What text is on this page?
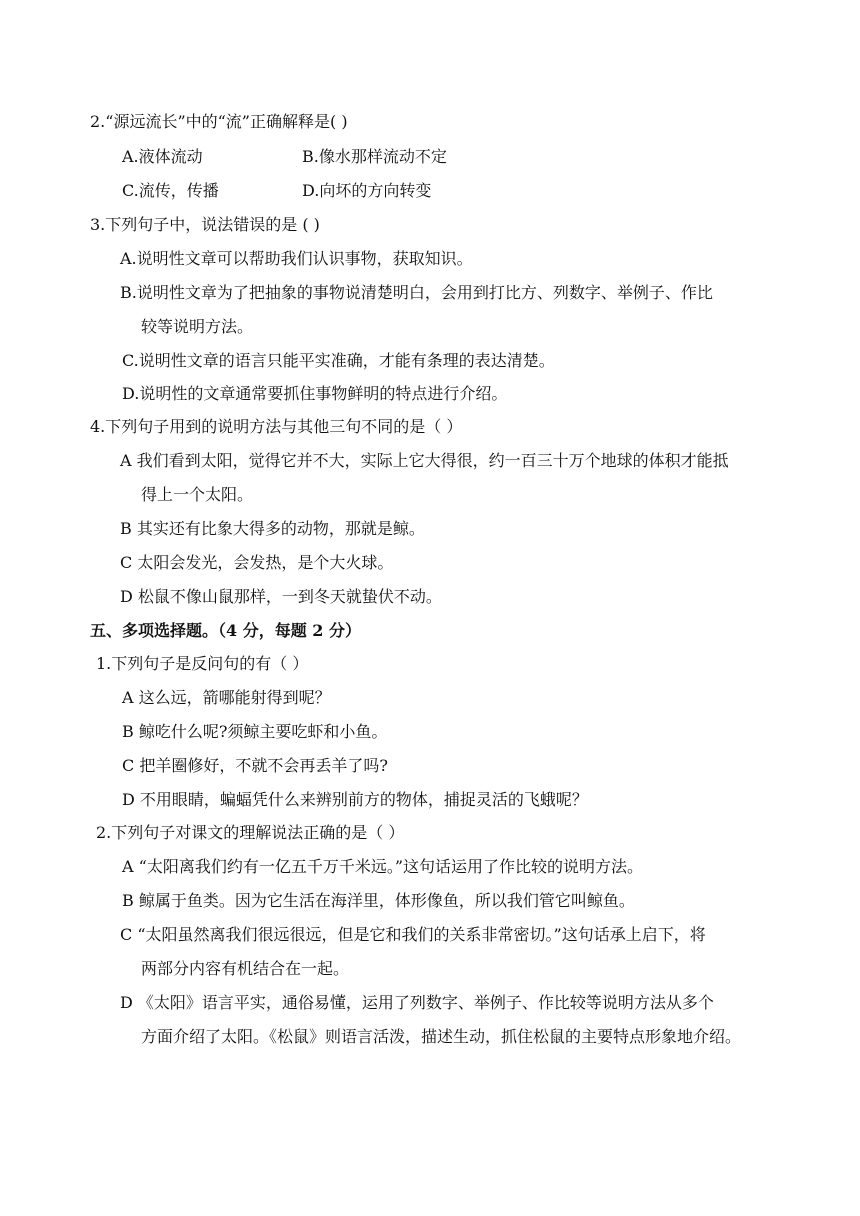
2.“源远流长”中的“流”正确解释是( )
A.液体流动	B.像水那样流动不定
C.流传，传播	D.向坏的方向转变
3.下列句子中，说法错误的是 ( )
A.说明性文章可以帮助我们认识事物，获取知识。
B.说明性文章为了把抽象的事物说清楚明白，会用到打比方、列数字、举例子、作比
较等说明方法。
C.说明性文章的语言只能平实准确，才能有条理的表达清楚。
D.说明性的文章通常要抓住事物鲜明的特点进行介绍。
4.下列句子用到的说明方法与其他三句不同的是（ ）
A 我们看到太阳，觉得它并不大，实际上它大得很，约一百三十万个地球的体积才能抵
得上一个太阳。
B 其实还有比象大得多的动物，那就是鲸。
C 太阳会发光，会发热，是个大火球。
D 松鼠不像山鼠那样，一到冬天就蛰伏不动。
五、多项选择题。（4 分，每题 2 分）
1.下列句子是反问句的有（ ）
A 这么远，箭哪能射得到呢？
B 鲸吃什么呢?须鲸主要吃虾和小鱼。
C 把羊圈修好，不就不会再丢羊了吗?
D 不用眼睛，蝙蝠凭什么来辨别前方的物体，捕捉灵活的飞蛾呢？
2.下列句子对课文的理解说法正确的是（ ）
A “太阳离我们约有一亿五千万千米远。”这句话运用了作比较的说明方法。
B 鲸属于鱼类。因为它生活在海洋里，体形像鱼，所以我们管它叫鲸鱼。
C “太阳虽然离我们很远很远，但是它和我们的关系非常密切。”这句话承上启下，将
两部分内容有机结合在一起。
D 《太阳》语言平实，通俗易懂，运用了列数字、举例子、作比较等说明方法从多个
方面介绍了太阳。《松鼠》则语言活泼，描述生动，抓住松鼠的主要特点形象地介绍。
